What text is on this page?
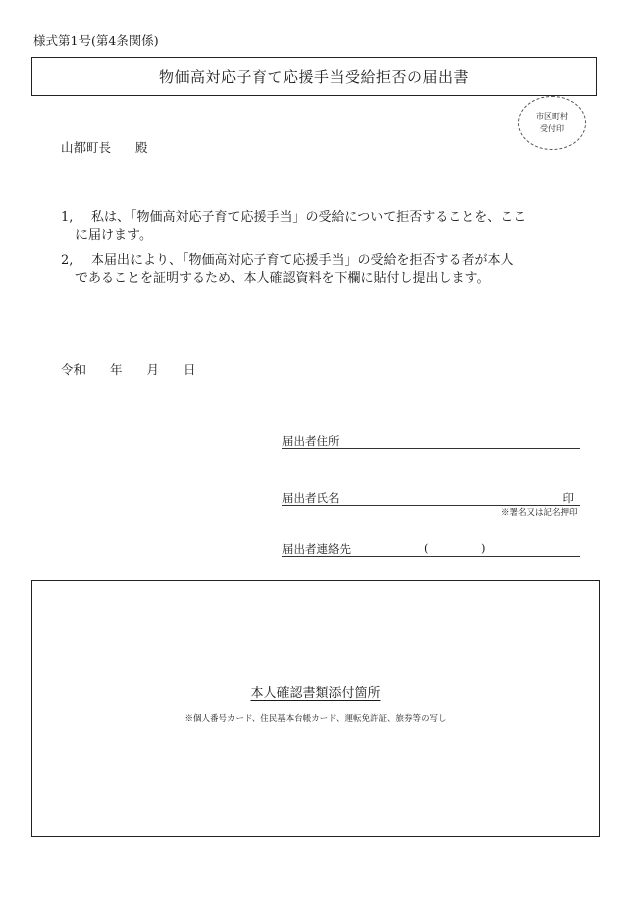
様式第1号(第4条関係)
物価高対応子育て応援手当受給拒否の届出書
市区町村
受付印
山都町長 殿
1, 私は、「物価高対応子育て応援手当」の受給について拒否することを、ここ
に届けます。
2, 本届出により、「物価高対応子育て応援手当」の受給を拒否する者が本人
であることを証明するため、本人確認資料を下欄に貼付し提出します。
令和 年 月 日
届出者住所
届出者氏名	印
※署名又は記名押印
届出者連絡先	(	)
本人確認書類添付箇所
※個人番号カード、住民基本台帳カード、運転免許証、旅券等の写し
